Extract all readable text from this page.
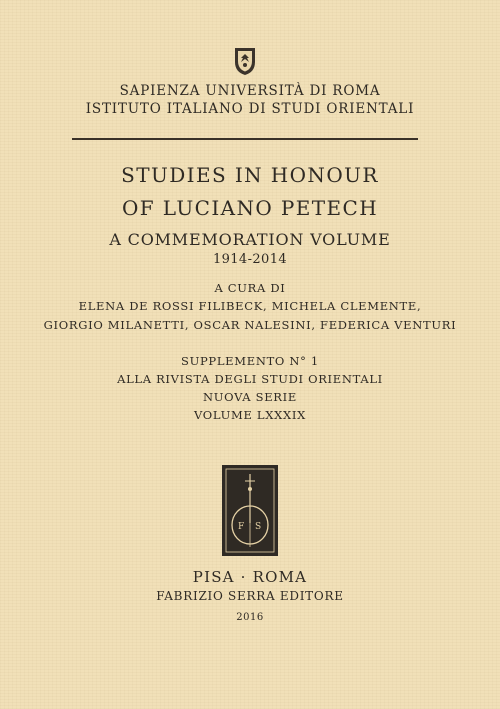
SAPIENZA UNIVERSITÀ DI ROMA
ISTITUTO ITALIANO DI STUDI ORIENTALI
STUDIES IN HONOUR
OF LUCIANO PETECH
A COMMEMORATION VOLUME
1914-2014
A CURA DI
ELENA DE ROSSI FILIBECK, MICHELA CLEMENTE,
GIORGIO MILANETTI, OSCAR NALESINI, FEDERICA VENTURI
SUPPLEMENTO N° 1
ALLA RIVISTA DEGLI STUDI ORIENTALI
NUOVA SERIE
VOLUME LXXXIX
F S
PISA · ROMA
FABRIZIO SERRA EDITORE
2016
